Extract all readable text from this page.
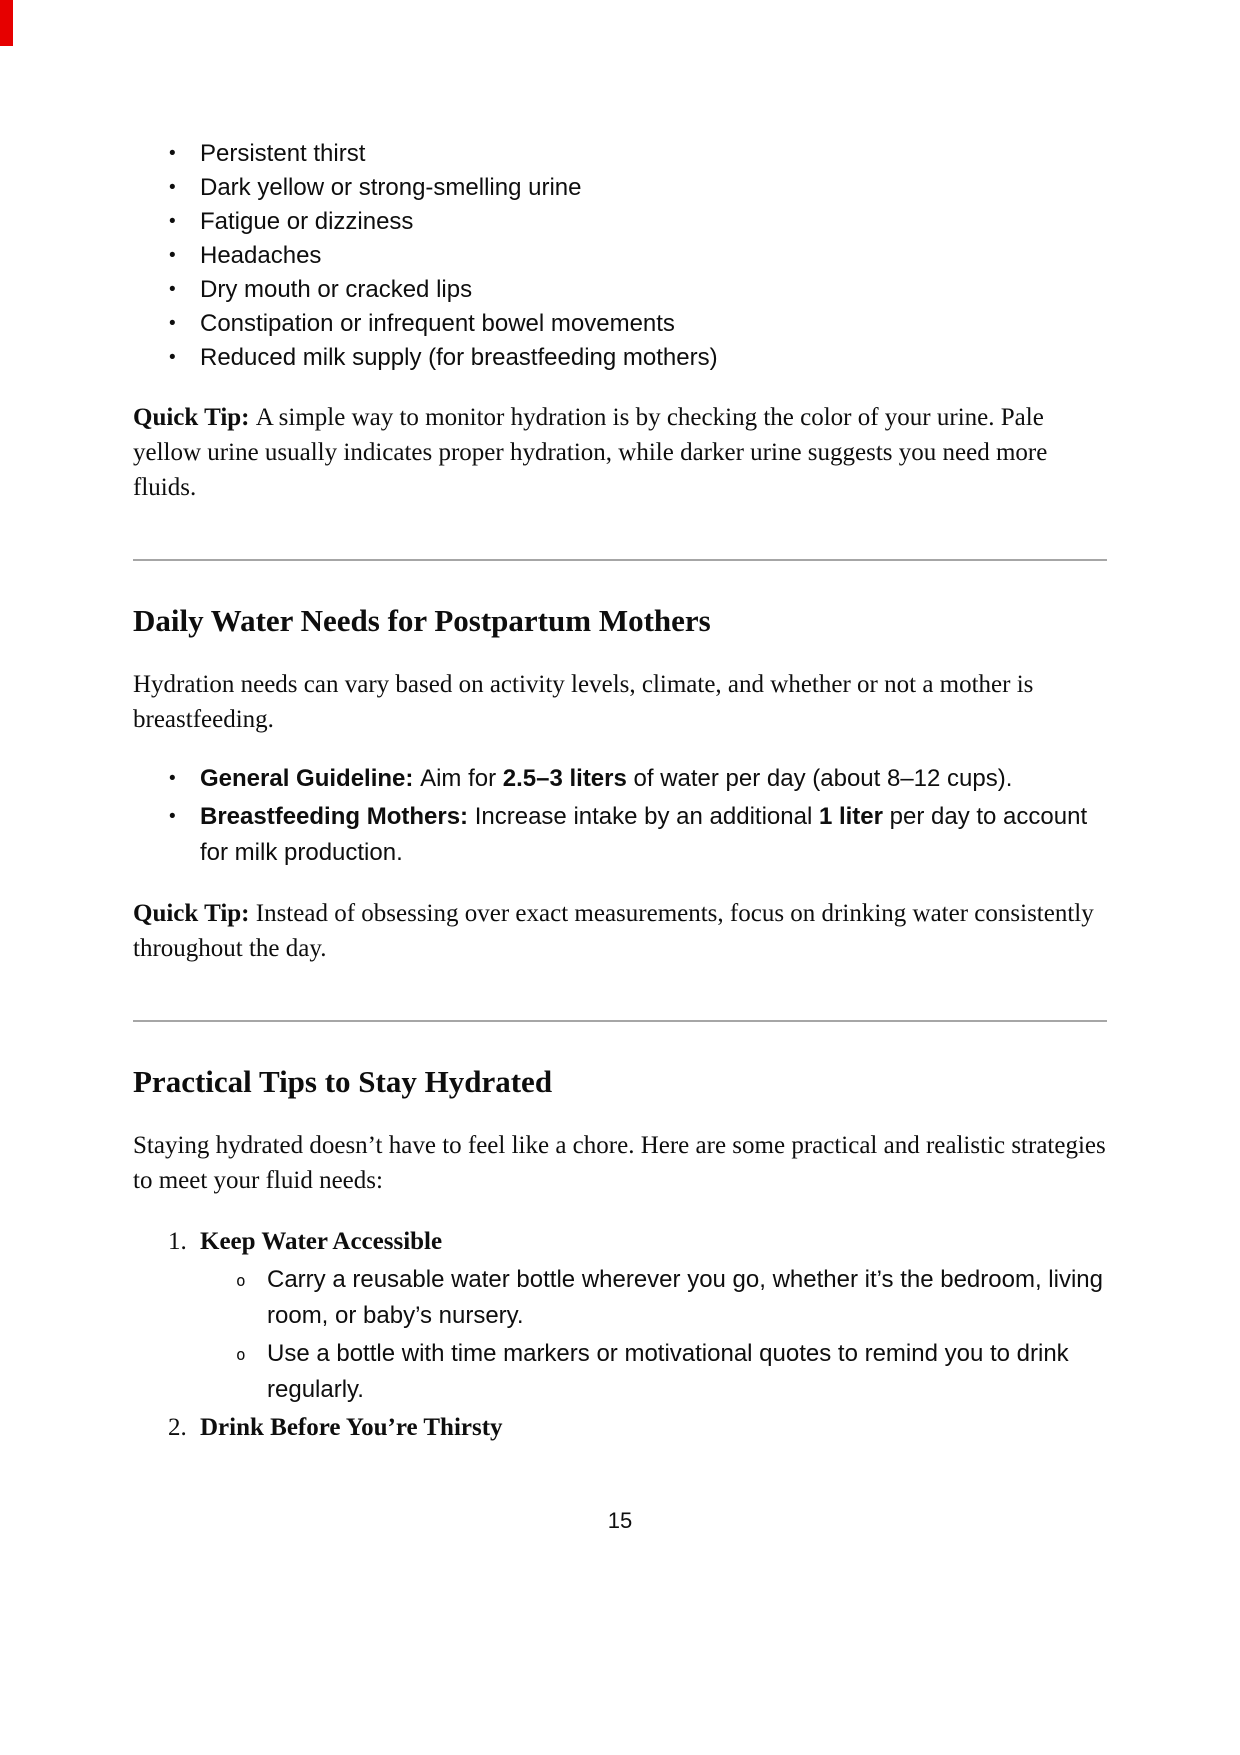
• Persistent thirst
• Dark yellow or strong-smelling urine
• Fatigue or dizziness
• Headaches
• Dry mouth or cracked lips
• Constipation or infrequent bowel movements
• Reduced milk supply (for breastfeeding mothers)

Quick Tip: A simple way to monitor hydration is by checking the color of your urine. Pale yellow urine usually indicates proper hydration, while darker urine suggests you need more fluids.

Daily Water Needs for Postpartum Mothers

Hydration needs can vary based on activity levels, climate, and whether or not a mother is breastfeeding.

• General Guideline: Aim for 2.5–3 liters of water per day (about 8–12 cups).
• Breastfeeding Mothers: Increase intake by an additional 1 liter per day to account for milk production.

Quick Tip: Instead of obsessing over exact measurements, focus on drinking water consistently throughout the day.

Practical Tips to Stay Hydrated

Staying hydrated doesn’t have to feel like a chore. Here are some practical and realistic strategies to meet your fluid needs:

1. Keep Water Accessible
o Carry a reusable water bottle wherever you go, whether it’s the bedroom, living room, or baby’s nursery.
o Use a bottle with time markers or motivational quotes to remind you to drink regularly.
2. Drink Before You’re Thirsty
15
